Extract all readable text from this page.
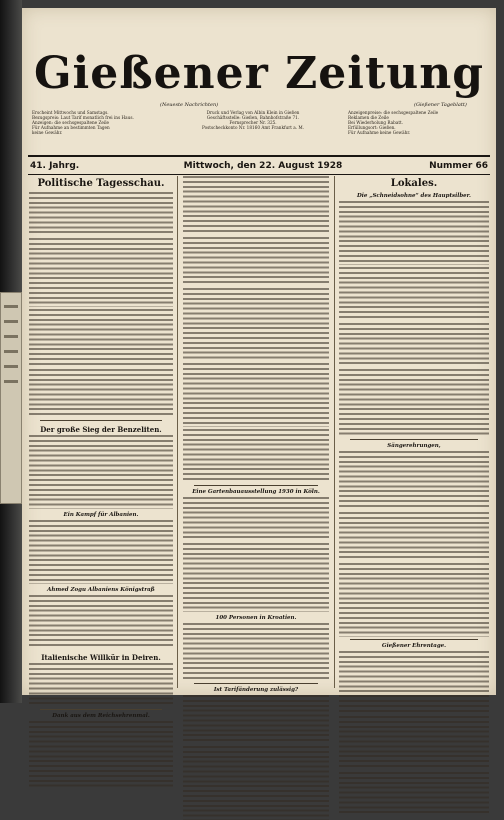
Gießener Zeitung
(Neueste Nachrichten)	(Gießener Tageblatt)
Erscheint Mittwochs und Samstags.
Bezugspreis: Laut Tarif monatlich frei ins Haus.
Anzeigen: die sechsgespaltene Zeile
Für Aufnahme an bestimmten Tagen
keine Gewähr.
Druck und Verlag von Albin Klein in Gießen
Geschäftsstelle: Gießen, Bahnhofstraße 71.
Fernsprecher Nr. 325.
Postscheckkonto Nr. 18160 Amt Frankfurt a. M.
Anzeigenpreise: die sechsgespaltene Zeile
Reklamen die Zeile
Bei Wiederholung Rabatt.
Erfüllungsort: Gießen.
Für Aufnahme keine Gewähr.
41. Jahrg.	Mittwoch, den 22. August 1928	Nummer 66
Politische Tagesschau.
Der große Sieg der Benzeliten.
Ein Kampf für Albanien.
Ahmed Zogu Albaniens Königstraß
Italienische Willkür in Deiren.
Dank aus dem Reichsehrenmal.
Eine Gartenbauausstellung 1930 in Köln.
100 Personen in Kroatien.
Ist Tarifänderung zulässig?
Lokales.
Die „Schneidsohne“ des Hauptsilber.
Sängerehrungen,
Gießener Ehrentage.
